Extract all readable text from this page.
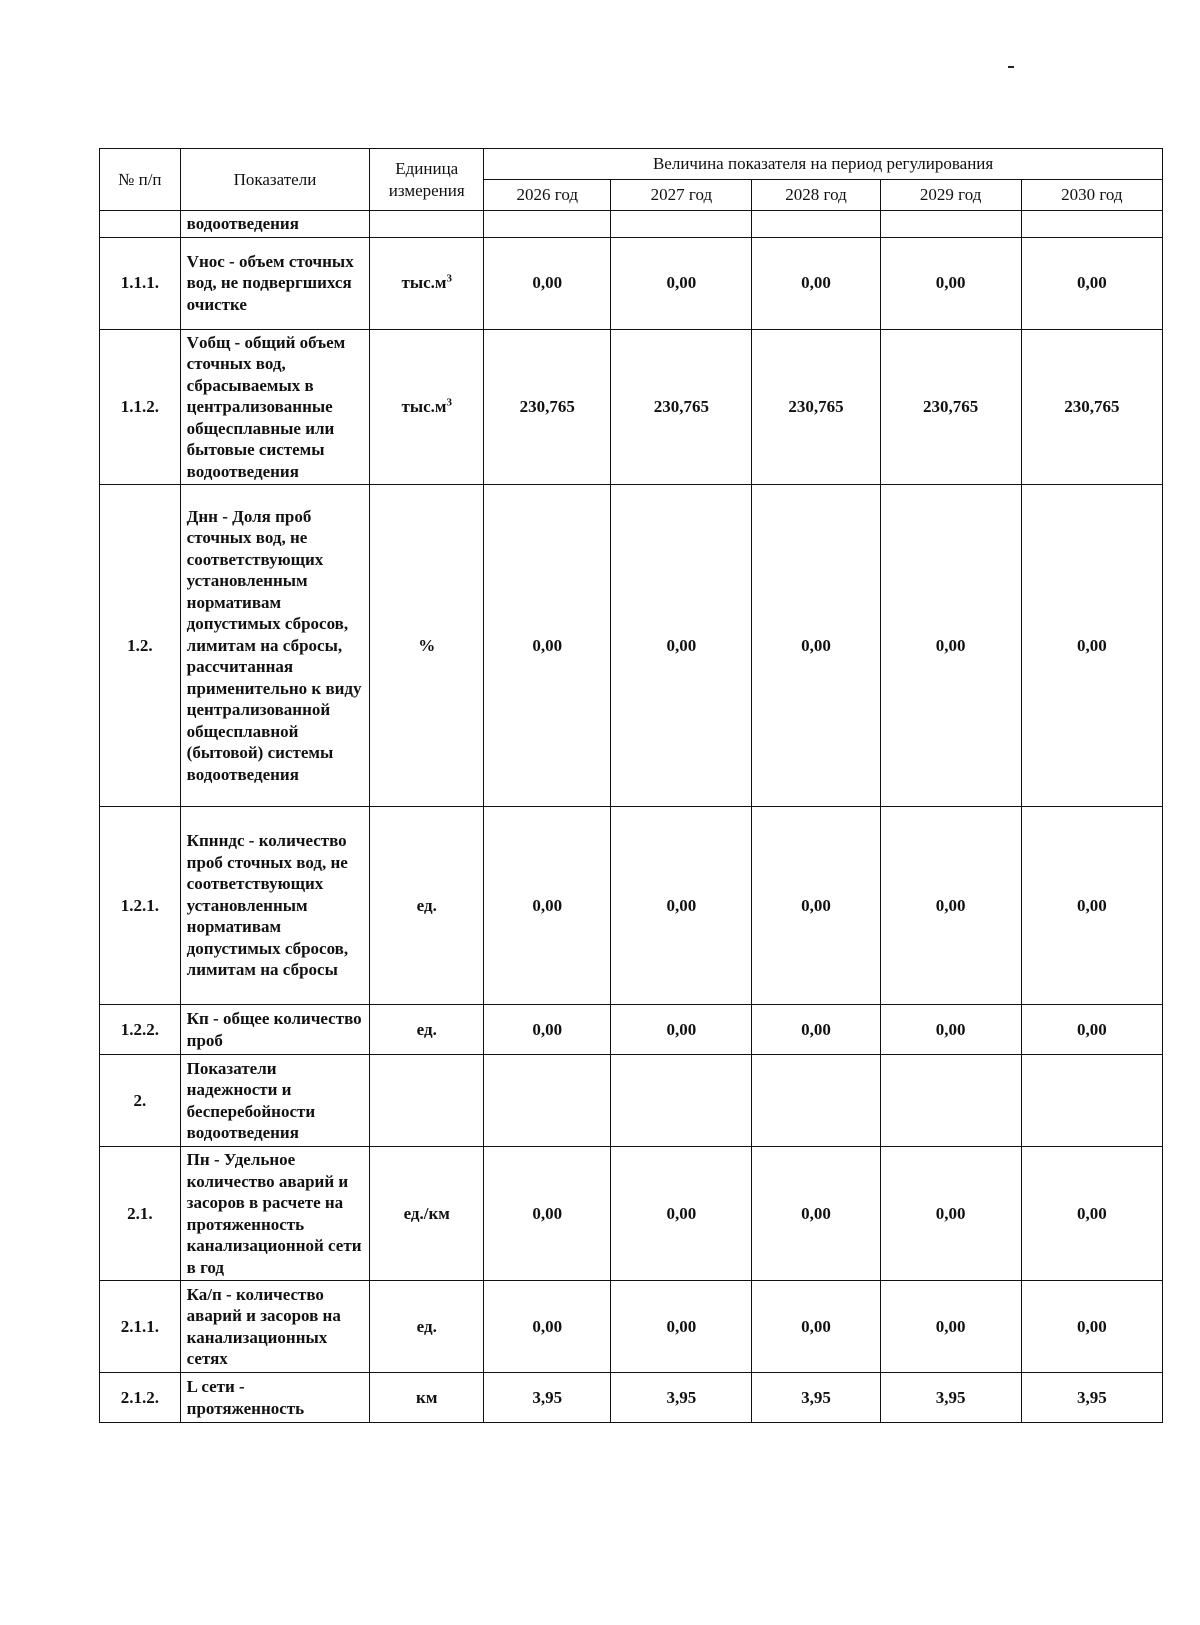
№ п/п	Показатели	Единица измерения	Величина показателя на период регулирования				
			2026 год	2027 год	2028 год	2029 год	2030 год
	водоотведения						
1.1.1.	Vнос - объем сточных вод, не подвергшихся очистке	$тыс.м^3$	0,00	0,00	0,00	0,00	0,00
1.1.2.	Vобщ - общий объем сточных вод, сбрасываемых в централизованные общесплавные или бытовые системы водоотведения	$тыс.м^3$	230,765	230,765	230,765	230,765	230,765
1.2.	Днн - Доля проб сточных вод, не соответствующих установленным нормативам допустимых сбросов, лимитам на сбросы, рассчитанная применительно к виду централизованной общесплавной (бытовой) системы водоотведения	%	0,00	0,00	0,00	0,00	0,00
1.2.1.	Кпнндс - количество проб сточных вод, не соответствующих установленным нормативам допустимых сбросов, лимитам на сбросы	ед.	0,00	0,00	0,00	0,00	0,00
1.2.2.	Кп - общее количество проб	ед.	0,00	0,00	0,00	0,00	0,00
2.	Показатели надежности и бесперебойности водоотведения						
2.1.	Пн - Удельное количество аварий и засоров в расчете на протяженность канализационной сети в год	ед./км	0,00	0,00	0,00	0,00	0,00
2.1.1.	Ка/п - количество аварий и засоров на канализационных сетях	ед.	0,00	0,00	0,00	0,00	0,00
2.1.2.	L сети - протяженность	км	3,95	3,95	3,95	3,95	3,95
